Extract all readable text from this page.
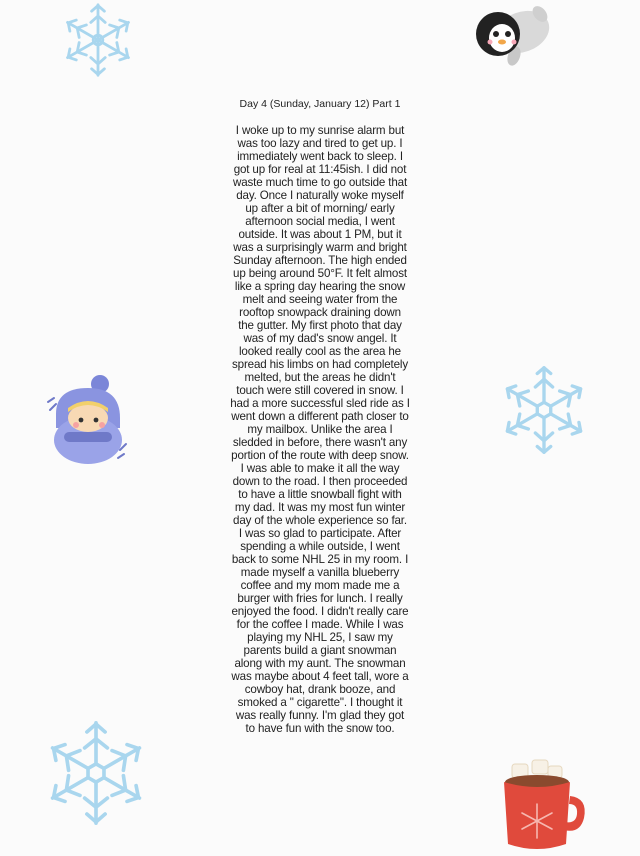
Day 4 (Sunday, January 12) Part 1

I woke up to my sunrise alarm but was too lazy and tired to get up. I immediately went back to sleep. I got up for real at 11:45ish. I did not waste much time to go outside that day. Once I naturally woke myself up after a bit of morning/ early afternoon social media, I went outside. It was about 1 PM, but it was a surprisingly warm and bright Sunday afternoon. The high ended up being around 50°F. It felt almost like a spring day hearing the snow melt and seeing water from the rooftop snowpack draining down the gutter. My first photo that day was of my dad's snow angel. It looked really cool as the area he spread his limbs on had completely melted, but the areas he didn't touch were still covered in snow. I had a more successful sled ride as I went down a different path closer to my mailbox. Unlike the area I sledded in before, there wasn't any portion of the route with deep snow. I was able to make it all the way down to the road. I then proceeded to have a little snowball fight with my dad. It was my most fun winter day of the whole experience so far. I was so glad to participate. After spending a while outside, I went back to some NHL 25 in my room. I made myself a vanilla blueberry coffee and my mom made me a burger with fries for lunch. I really enjoyed the food. I didn't really care for the coffee I made. While I was playing my NHL 25, I saw my parents build a giant snowman along with my aunt. The snowman was maybe about 4 feet tall, wore a cowboy hat, drank booze, and smoked a " cigarette". I thought it was really funny. I'm glad they got to have fun with the snow too.
